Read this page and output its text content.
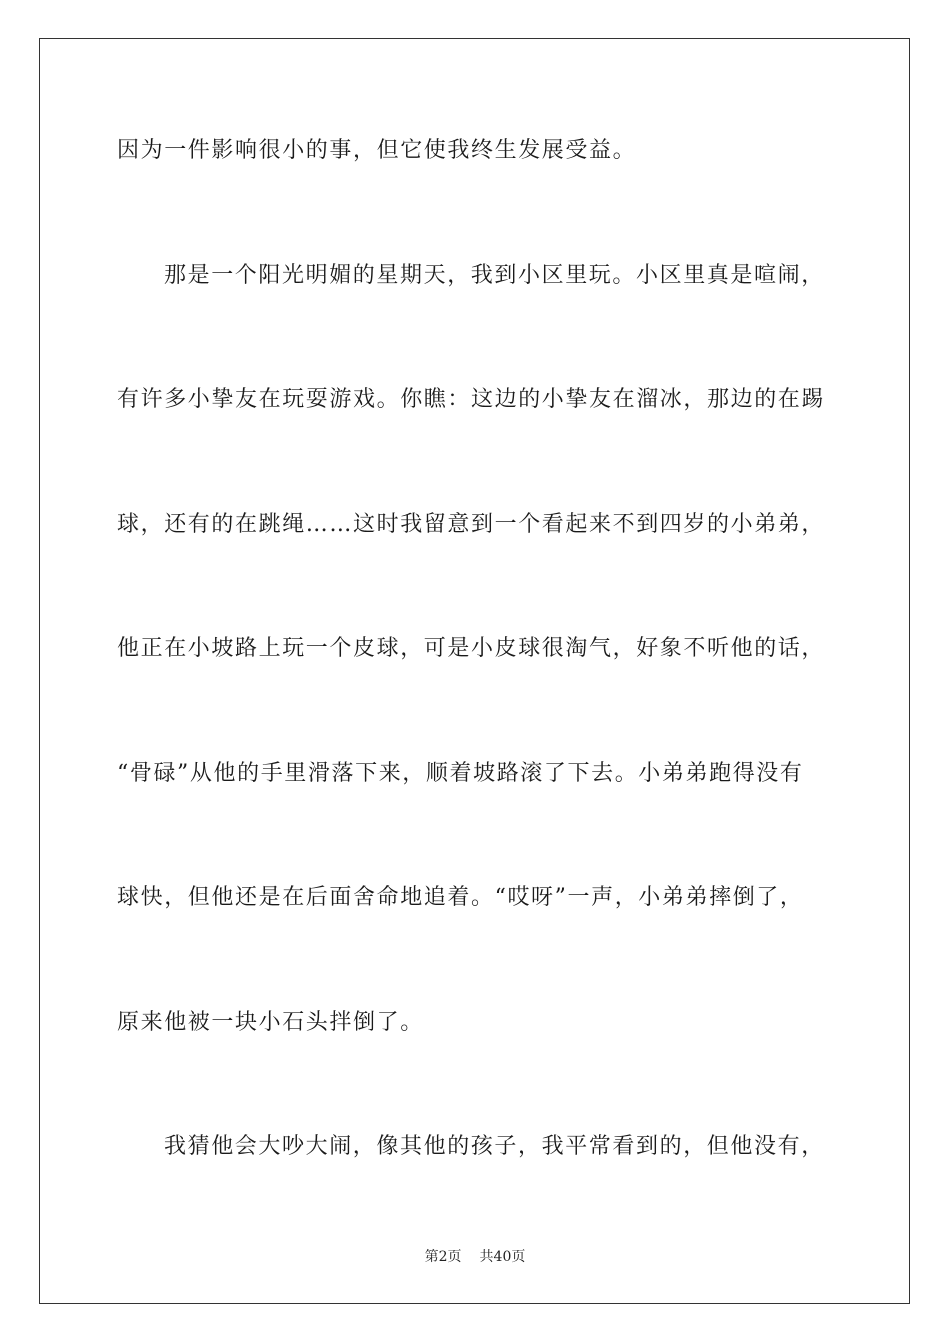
因为一件影响很小的事，但它使我终生发展受益。
那是一个阳光明媚的星期天，我到小区里玩。小区里真是喧闹，
有许多小挚友在玩耍游戏。你瞧：这边的小挚友在溜冰，那边的在踢
球，还有的在跳绳……这时我留意到一个看起来不到四岁的小弟弟，
他正在小坡路上玩一个皮球，可是小皮球很淘气，好象不听他的话，
“骨碌”从他的手里滑落下来，顺着坡路滚了下去。小弟弟跑得没有
球快，但他还是在后面舍命地追着。“哎呀”一声，小弟弟摔倒了，
原来他被一块小石头拌倒了。
我猜他会大吵大闹，像其他的孩子，我平常看到的，但他没有，
第2页 共40页
